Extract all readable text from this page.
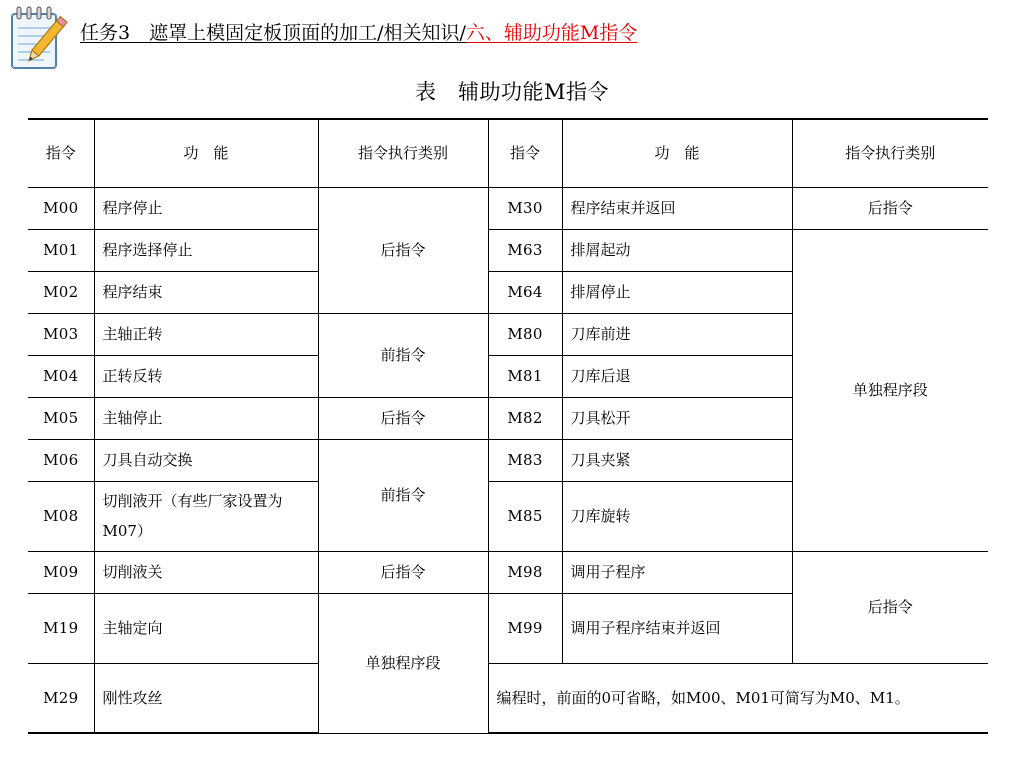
任务3　遮罩上模固定板顶面的加工/相关知识/六、辅助功能M指令
表　辅助功能M指令
指令	功　能	指令执行类别	指令	功　能	指令执行类别
M00	程序停止	后指令	M30	程序结束并返回	后指令
M01	程序选择停止		M63	排屑起动	单独程序段
M02	程序结束		M64	排屑停止	
M03	主轴正转	前指令	M80	刀库前进	
M04	正转反转		M81	刀库后退	
M05	主轴停止	后指令	M82	刀具松开	
M06	刀具自动交换	前指令	M83	刀具夹紧	
M08	切削液开（有些厂家设置为M07）		M85	刀库旋转	
M09	切削液关	后指令	M98	调用子程序	后指令
M19	主轴定向	单独程序段	M99	调用子程序结束并返回	
M29	刚性攻丝		编程时，前面的0可省略，如M00、M01可简写为M0、M1。		
